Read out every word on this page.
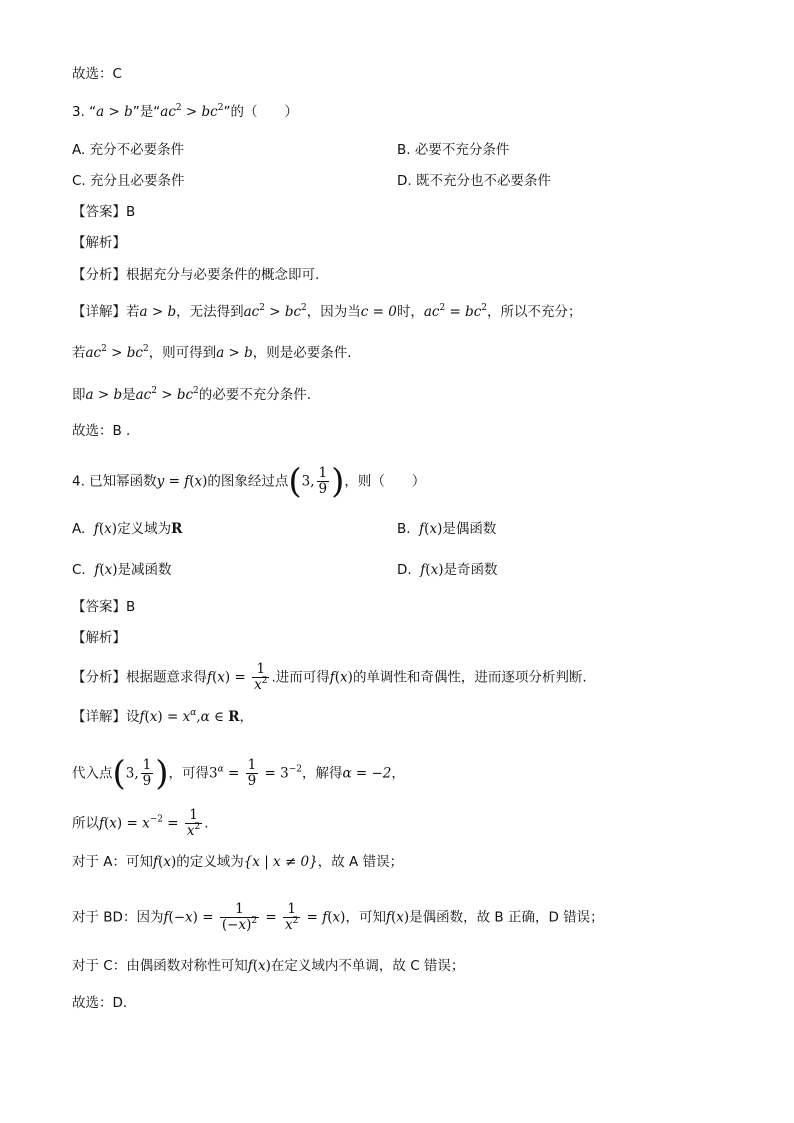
故选：C
3. “a > b”是“$ac^2 > bc^2$”的（　　）
A. 充分不必要条件	B. 必要不充分条件
C. 充分且必要条件	D. 既不充分也不必要条件
【答案】B
【解析】
【分析】根据充分与必要条件的概念即可.
【详解】若a > b，无法得到$ac^2 > bc^2$，因为当c = 0时，$ac^2 = bc^2$，所以不充分；
若$ac^2 > bc^2$，则可得到a > b，则是必要条件.
即a > b是$ac^2 > bc^2$的必要不充分条件.
故选：B .
4. 已知幂函数y = f(x)的图象经过点(3, $\frac{1}{9}$ )，则（　　）
A. f(x)定义域为R	B. f(x)是偶函数
C. f(x)是减函数	D. f(x)是奇函数
【答案】B
【解析】
【分析】根据题意求得$f(x) = \frac{1}{x^2}$ .进而可得f(x)的单调性和奇偶性，进而逐项分析判断.
【详解】设$f(x) = x^\alpha,\alpha$ ∈ R，
代入点(3, $\frac{1}{9}$ )，可得$3^\alpha = \frac{1}{9} = 3^{-2}$，解得α = −2，
所以$f(x) = x^{-2} = \frac{1}{x^2}$ .
对于 A：可知f(x)的定义域为{x | x ≠ 0}，故 A 错误；
对于 BD：因为$f(-x) = \frac{1}{(-x)^2} = \frac{1}{x^2} = f(x)$，可知f(x)是偶函数，故 B 正确，D 错误；
对于 C：由偶函数对称性可知f(x)在定义域内不单调，故 C 错误；
故选：D.
